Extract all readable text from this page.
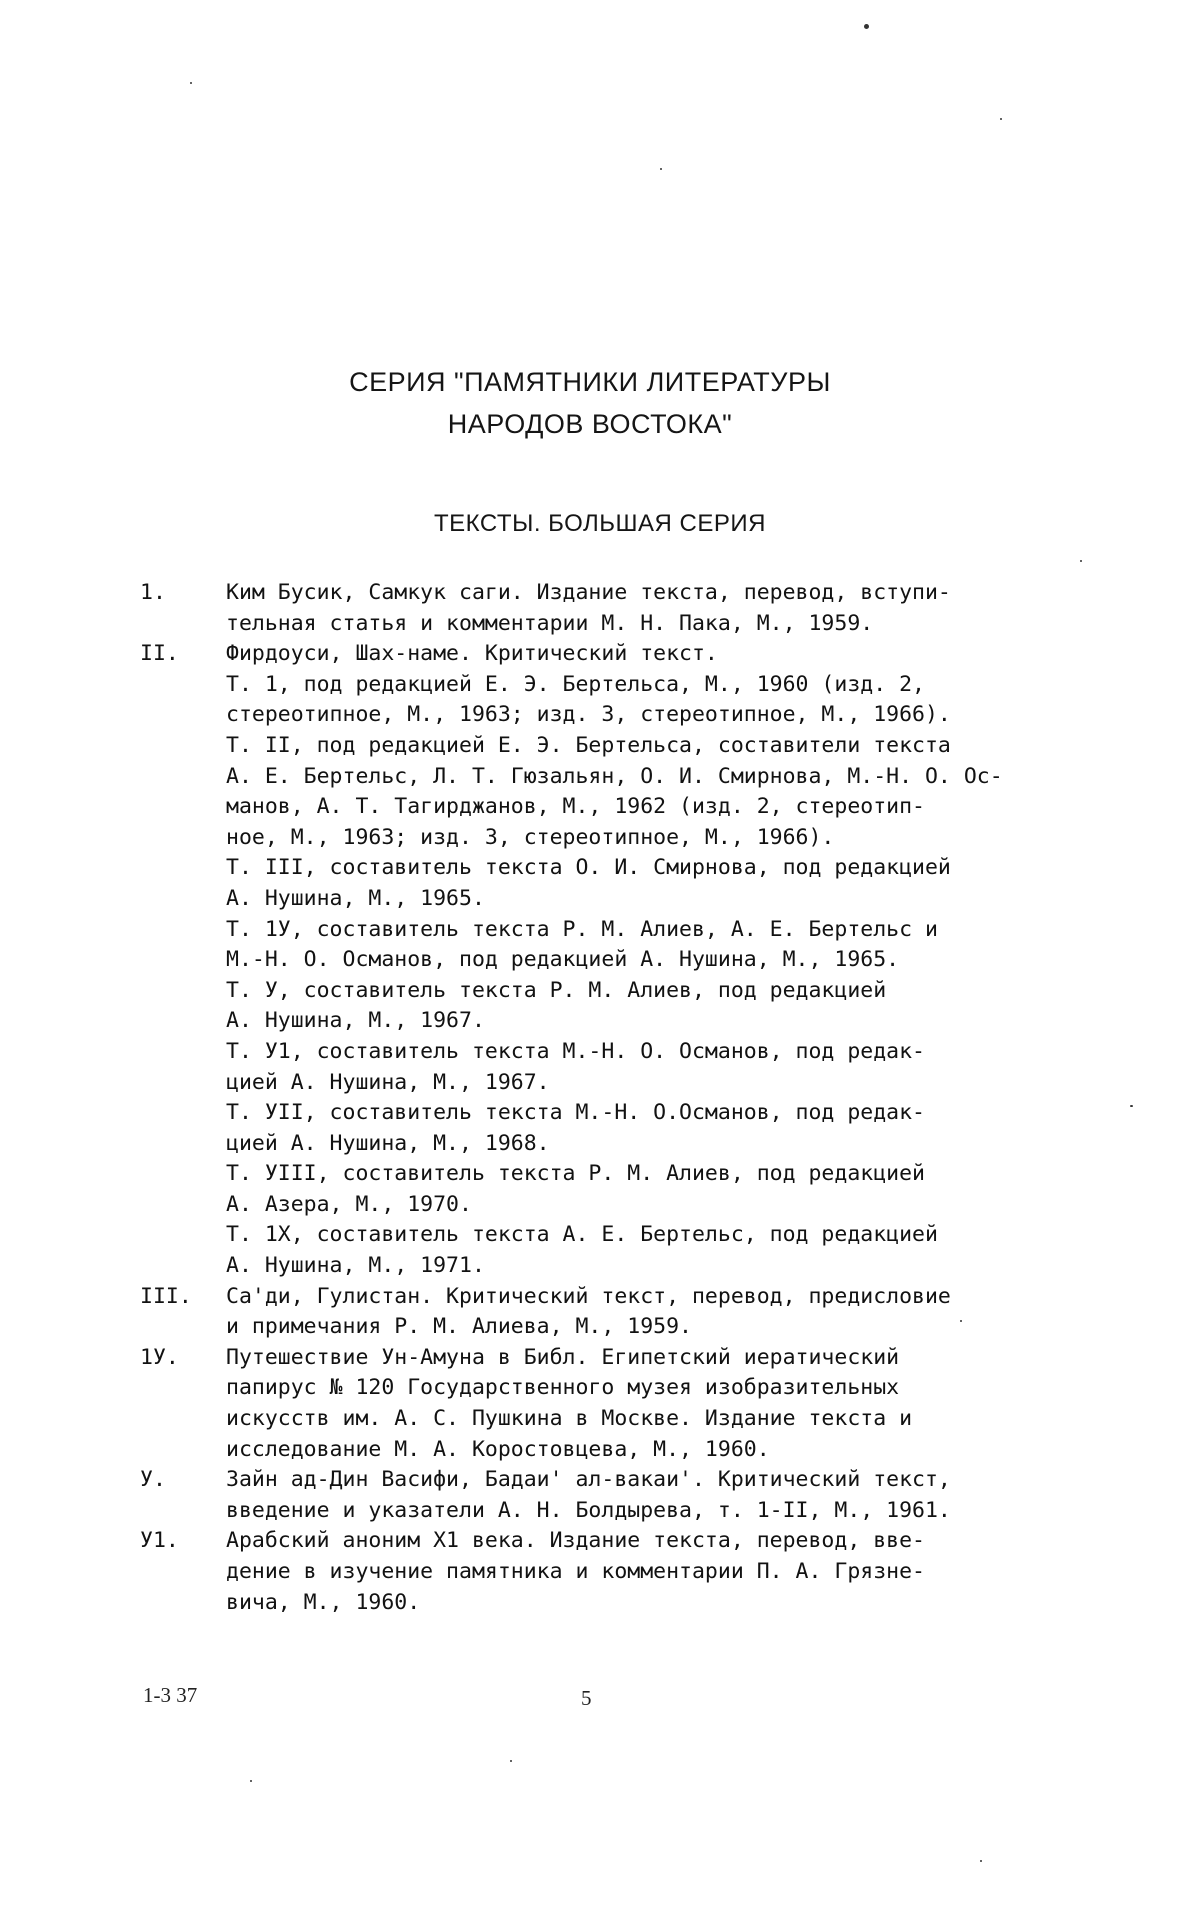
СЕРИЯ "ПАМЯТНИКИ ЛИТЕРАТУРЫ
НАРОДОВ ВОСТОКА"
ТЕКСТЫ. БОЛЬШАЯ СЕРИЯ
1.	Ким Бусик, Самкук саги. Издание текста, перевод, вступи-
тельная статья и комментарии М. Н. Пака, М., 1959.
II.	Фирдоуси, Шах-наме. Критический текст.
Т. 1, под редакцией Е. Э. Бертельса, М., 1960 (изд. 2,
стереотипное, М., 1963; изд. 3, стереотипное, М., 1966).
Т. II, под редакцией Е. Э. Бертельса, составители текста
А. Е. Бертельс, Л. Т. Гюзальян, О. И. Смирнова, М.-Н. О. Ос-
манов, А. Т. Тагирджанов, М., 1962 (изд. 2, стереотип-
ное, М., 1963; изд. 3, стереотипное, М., 1966).
Т. III, составитель текста О. И. Смирнова, под редакцией
А. Нушина, М., 1965.
Т. 1У, составитель текста Р. М. Алиев, А. Е. Бертельс и
М.-Н. О. Османов, под редакцией А. Нушина, М., 1965.
Т. У, составитель текста Р. М. Алиев, под редакцией
А. Нушина, М., 1967.
Т. У1, составитель текста М.-Н. О. Османов, под редак-
цией А. Нушина, М., 1967.
Т. УII, составитель текста М.-Н. О.Османов, под редак-
цией А. Нушина, М., 1968.
Т. УIII, составитель текста Р. М. Алиев, под редакцией
А. Азера, М., 1970.
Т. 1Х, составитель текста А. Е. Бертельс, под редакцией
А. Нушина, М., 1971.
III.	Са'ди, Гулистан. Критический текст, перевод, предисловие
и примечания Р. М. Алиева, М., 1959.
1У.	Путешествие Ун-Амуна в Библ. Египетский иератический
папирус № 120 Государственного музея изобразительных
искусств им. А. С. Пушкина в Москве. Издание текста и
исследование М. А. Коростовцева, М., 1960.
У.	Зайн ад-Дин Васифи, Бадаи' ал-вакаи'. Критический текст,
введение и указатели А. Н. Болдырева, т. 1-II, М., 1961.
У1.	Арабский аноним Х1 века. Издание текста, перевод, вве-
дение в изучение памятника и комментарии П. А. Грязне-
вича, М., 1960.
1-3 37	5
